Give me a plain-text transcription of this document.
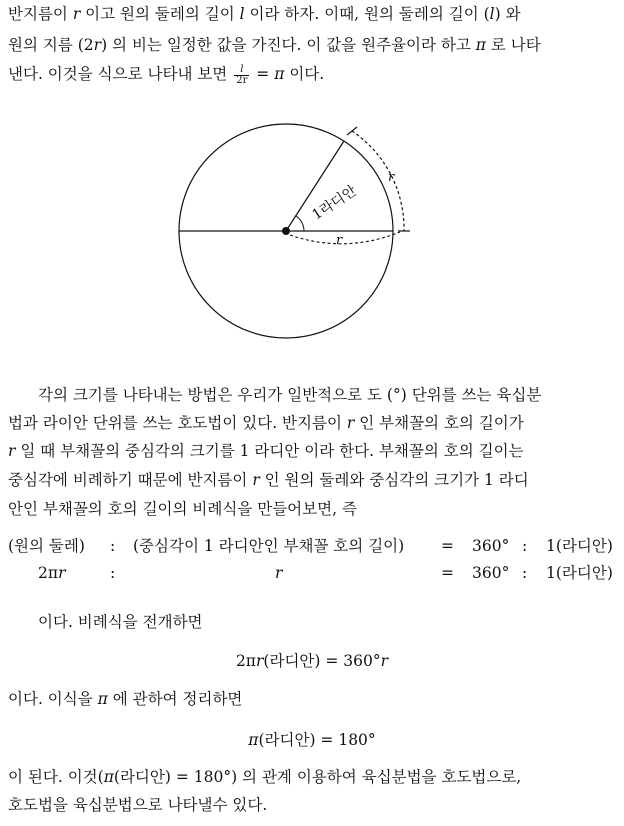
반지름이 r 이고 원의 둘레의 길이 l 이라 하자. 이때, 원의 둘레의 길이 (l) 와
원의 지름 (2r) 의 비는 일정한 값을 가진다. 이 값을 원주율이라 하고 π 로 나타
낸다. 이것을 식으로 나타내 보면 $\frac{l}{2r} = \pi$ 이다.
1라디안
r
r
각의 크기를 나타내는 방법은 우리가 일반적으로 도 (°) 단위를 쓰는 육십분
법과 라이안 단위를 쓰는 호도법이 있다. 반지름이 r 인 부채꼴의 호의 길이가
r 일 때 부채꼴의 중심각의 크기를 1 라디안 이라 한다. 부채꼴의 호의 길이는
중심각에 비례하기 때문에 반지름이 r 인 원의 둘레와 중심각의 크기가 1 라디
안인 부채꼴의 호의 길이의 비례식을 만들어보면, 즉
(원의 둘레) : (중심각이 1 라디안인 부채꼴 호의 길이) = 360° : 1(라디안)
2πr	:	r	= 360° : 1(라디안)
이다. 비례식을 전개하면
2πr(라디안) = 360°r
이다. 이식을 π 에 관하여 정리하면
π(라디안) = 180°
이 된다. 이것(π(라디안) = 180°) 의 관계 이용하여 육십분법을 호도법으로,
호도법을 육십분법으로 나타낼수 있다.
